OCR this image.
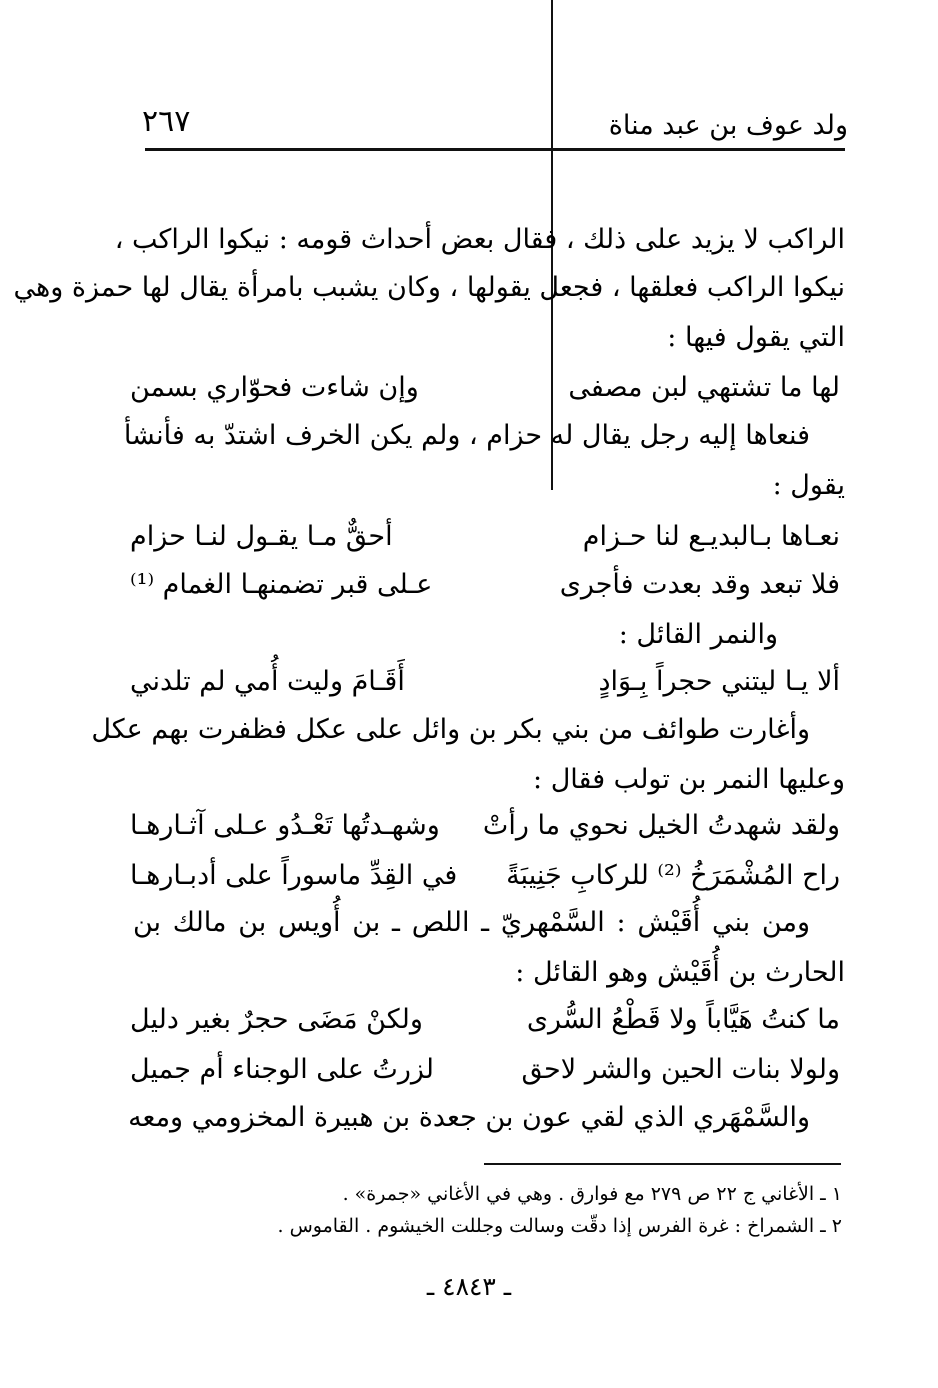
ولد عوف بن عبد مناة
٢٦٧
الراكب لا يزيد على ذلك ، فقال بعض أحداث قومه : نيكوا الراكب ،
نيكوا الراكب فعلقها ، فجعل يقولها ، وكان يشبب بامرأة يقال لها حمزة وهي
التي يقول فيها :
لها ما تشتهي لبن مصفى
وإن شاءت فحوّاري بسمن
فنعاها إليه رجل يقال له حزام ، ولم يكن الخرف اشتدّ به فأنشأ
يقول :
نعـاها بـالبديـع لنا حـزام
أحقٌّ مـا يقـول لنـا حزام
فلا تبعد وقد بعدت فأجرى
عـلى قبر تضمنهـا الغمام ⁽¹⁾
والنمر القائل :
ألا يـا ليتني حجراً بِـوَادٍ
أَقَـامَ وليت أُمي لم تلدني
وأغارت طوائف من بني بكر بن وائل على عكل فظفرت بهم عكل
وعليها النمر بن تولب فقال :
ولقد شهدتُ الخيل نحوي ما رأتْ
وشهـدتُها تَعْـدُو عـلى آثـارهـا
راح المُشْمَرَخُ ⁽²⁾ للركابِ جَنِيبَةً
في القِدِّ ماسوراً على أدبـارهـا
ومن بني أُقَيْش : السَّمْهريّ ـ اللص ـ بن أُويس بن مالك بن
الحارث بن أُقَيْش وهو القائل :
ما كنتُ هَيَّاباً ولا قَطْعُ السُّرى
ولكنْ مَضَى حجرٌ بغير دليل
ولولا بنات الحين والشر لاحق
لزرتُ على الوجناء أم جميل
والسَّمْهَري الذي لقي عون بن جعدة بن هبيرة المخزومي ومعه
١ ـ الأغاني ج ٢٢ ص ٢٧٩ مع فوارق . وهي في الأغاني «جمرة» .
٢ ـ الشمراخ : غرة الفرس إذا دقّت وسالت وجللت الخيشوم . القاموس .
ـ ٤٨٤٣ ـ
